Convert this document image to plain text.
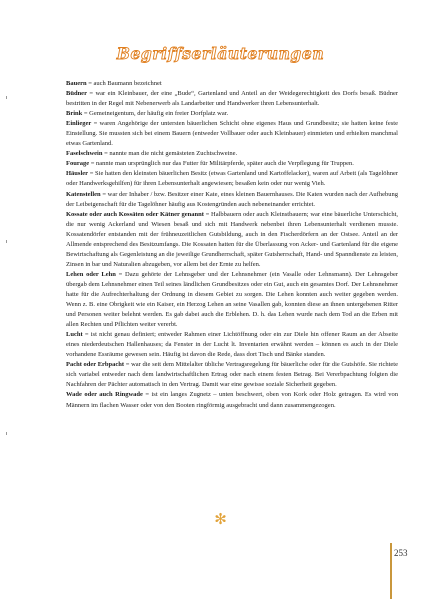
Begriffserläuterungen

Bauern = auch Baumann bezeichnet

Büdner = war ein Kleinbauer, der eine „Bude“, Gartenland und Anteil an der Weidegerechtigkeit des Dorfs besaß. Büdner bestritten in der Regel mit Nebenerwerb als Landarbeiter und Handwerker ihren Lebensunterhalt.

Brink = Gemeineigentum, der häufig ein freier Dorfplatz war.

Einlieger = waren Angehörige der untersten bäuerlichen Schicht ohne eigenes Haus und Grundbesitz; sie hatten keine feste Einstellung. Sie mussten sich bei einem Bauern (entweder Vollbauer oder auch Kleinbauer) einmieten und erhielten manchmal etwas Gartenland.

Faselschwein = nannte man die nicht gemästeten Zuchtschweine.

Fourage = nannte man ursprünglich nur das Futter für Militärpferde, später auch die Verpflegung für Truppen.

Häusler = Sie hatten den kleinsten bäuerlichen Besitz (etwas Gartenland und Kartoffelacker), waren auf Arbeit (als Tagelöhner oder Handwerksgehilfen) für ihren Lebensunterhalt angewiesen; besaßen kein oder nur wenig Vieh.

Katenstellen = war der Inhaber / bzw. Besitzer einer Kate, eines kleinen Bauernhauses. Die Katen wurden nach der Aufhebung der Leibeigenschaft für die Tagelöhner häufig aus Kostengründen auch nebeneinander errichtet.

Kossate oder auch Kossäten oder Kätner genannt = Halbbauern oder auch Kleinstbauern; war eine bäuerliche Unterschicht, die nur wenig Ackerland und Wiesen besaß und sich mit Handwerk nebenbei ihren Lebensunterhalt verdienen musste. Kossatendörfer entstanden mit der frühneuzeitlichen Gutsbildung, auch in den Fischerdörfern an der Ostsee. Anteil an der Allmende entsprechend des Besitzumfangs. Die Kossaten hatten für die Überlassung von Acker- und Gartenland für die eigene Bewirtschaftung als Gegenleistung an die jeweilige Grundherrschaft, später Gutsherrschaft, Hand- und Spanndienste zu leisten, Zinsen in bar und Naturalien abzugeben, vor allem bei der Ernte zu helfen.

Lehen oder Lehn = Dazu gehörte der Lehnsgeber und der Lehnsnehmer (ein Vasalle oder Lehnsmann). Der Lehnsgeber übergab dem Lehnsnehmer einen Teil seines ländlichen Grundbesitzes oder ein Gut, auch ein gesamtes Dorf. Der Lehnsnehmer hatte für die Aufrechterhaltung der Ordnung in diesem Gebiet zu sorgen. Die Lehen konnten auch weiter gegeben werden. Wenn z. B. eine Obrigkeit wie ein Kaiser, ein Herzog Lehen an seine Vasallen gab, konnten diese an ihnen untergebenen Ritter und Personen weiter belehnt werden. Es gab dabei auch die Erblehen. D. h. das Lehen wurde nach dem Tod an die Erben mit allen Rechten und Pflichten weiter vererbt.

Lucht = ist nicht genau definiert; entweder Rahmen einer Lichtöffnung oder ein zur Diele hin offener Raum an der Abseite eines niederdeutschen Hallenhauses; da Fenster in der Lucht lt. Inventarien erwähnt werden – können es auch in der Diele vorhandene Essräume gewesen sein. Häufig ist davon die Rede, dass dort Tisch und Bänke standen.

Pacht oder Erbpacht = war die seit dem Mittelalter übliche Vertragsregelung für bäuerliche oder für die Gutshöfe. Sie richtete sich variabel entweder nach dem landwirtschaftlichen Ertrag oder nach einem festen Betrag. Bei Vererbpachtung folgten die Nachfahren der Pächter automatisch in den Vertrag. Damit war eine gewisse soziale Sicherheit gegeben.

Wade oder auch Ringwade = ist ein langes Zugnetz – unten beschwert, oben von Kork oder Holz getragen. Es wird von Männern im flachen Wasser oder von den Booten ringförmig ausgebracht und dann zusammengezogen.

✻
253
